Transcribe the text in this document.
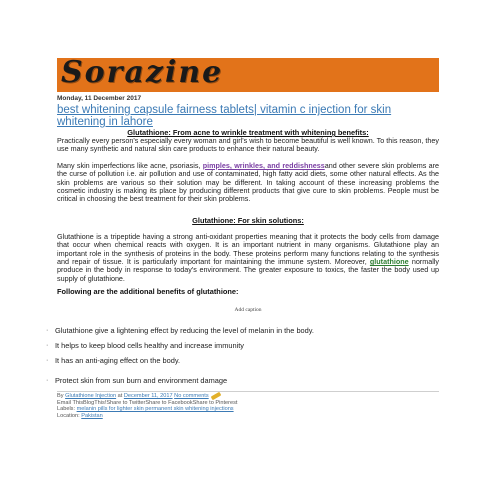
Sorazine
Monday, 11 December 2017
best whitening capsule fairness tablets| vitamin c injection for skin whitening in lahore
Glutathione: From acne to wrinkle treatment with whitening benefits:

Practically every person's especially every woman and girl's wish to become beautiful is well known. To this reason, they use many synthetic and natural skin care products to enhance their natural beauty.

Many skin imperfections like acne, psoriasis, pimples, wrinkles, and reddishnessand other severe skin problems are the curse of pollution i.e. air pollution and use of contaminated, high fatty acid diets, some other natural effects. As the skin problems are various so their solution may be different. In taking account of these increasing problems the cosmetic industry is making its place by producing different products that give cure to skin problems. People must be critical in choosing the best treatment for their skin problems.

Glutathione: For skin solutions:

Glutathione is a tripeptide having a strong anti-oxidant properties meaning that it protects the body cells from damage that occur when chemical reacts with oxygen. It is an important nutrient in many organisms. Glutathione play an important role in the synthesis of proteins in the body. These proteins perform many functions relating to the synthesis and repair of tissue. It is particularly important for maintaining the immune system. Moreover, glutathione normally produce in the body in response to today's environment. The greater exposure to toxics, the faster the body used up supply of glutathione.

Following are the additional benefits of glutathione:
Add caption
· Glutathione give a lightening effect by reducing the level of melanin in the body.
· It helps to keep blood cells healthy and increase immunity
· It has an anti-aging effect on the body.
· Protect skin from sun burn and environment damage
By Glutathione Injection at December 11, 2017 No comments
Email ThisBlogThis!Share to TwitterShare to FacebookShare to Pinterest
Labels: melanin pills for lighter skin permanent skin whitening injections
Location: Pakistan
